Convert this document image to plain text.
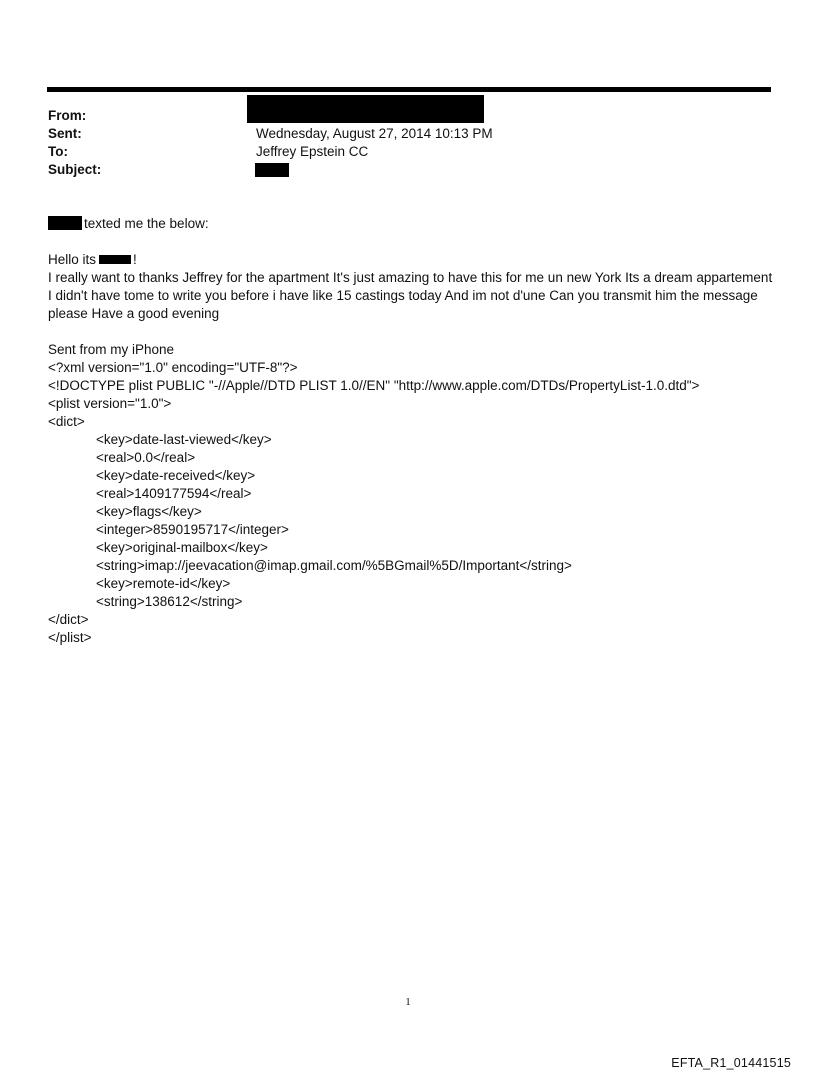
From:
Sent:	Wednesday, August 27, 2014 10:13 PM
To:	Jeffrey Epstein CC
Subject:

texted me the below:

Hello its	!
I really want to thanks Jeffrey for the apartment It's just amazing to have this for me un new York Its a dream appartement I didn't have tome to write you before i have like 15 castings today And im not d'une Can you transmit him the message please Have a good evening

Sent from my iPhone

<?xml version="1.0" encoding="UTF-8"?>
<!DOCTYPE plist PUBLIC "-//Apple//DTD PLIST 1.0//EN" "http://www.apple.com/DTDs/PropertyList-1.0.dtd">
<plist version="1.0">
<dict>
<key>date-last-viewed</key>
<real>0.0</real>
<key>date-received</key>
<real>1409177594</real>
<key>flags</key>
<integer>8590195717</integer>
<key>original-mailbox</key>
<string>imap://jeevacation@imap.gmail.com/%5BGmail%5D/Important</string>
<key>remote-id</key>
<string>138612</string>
</dict>
</plist>
1
EFTA_R1_01441515
